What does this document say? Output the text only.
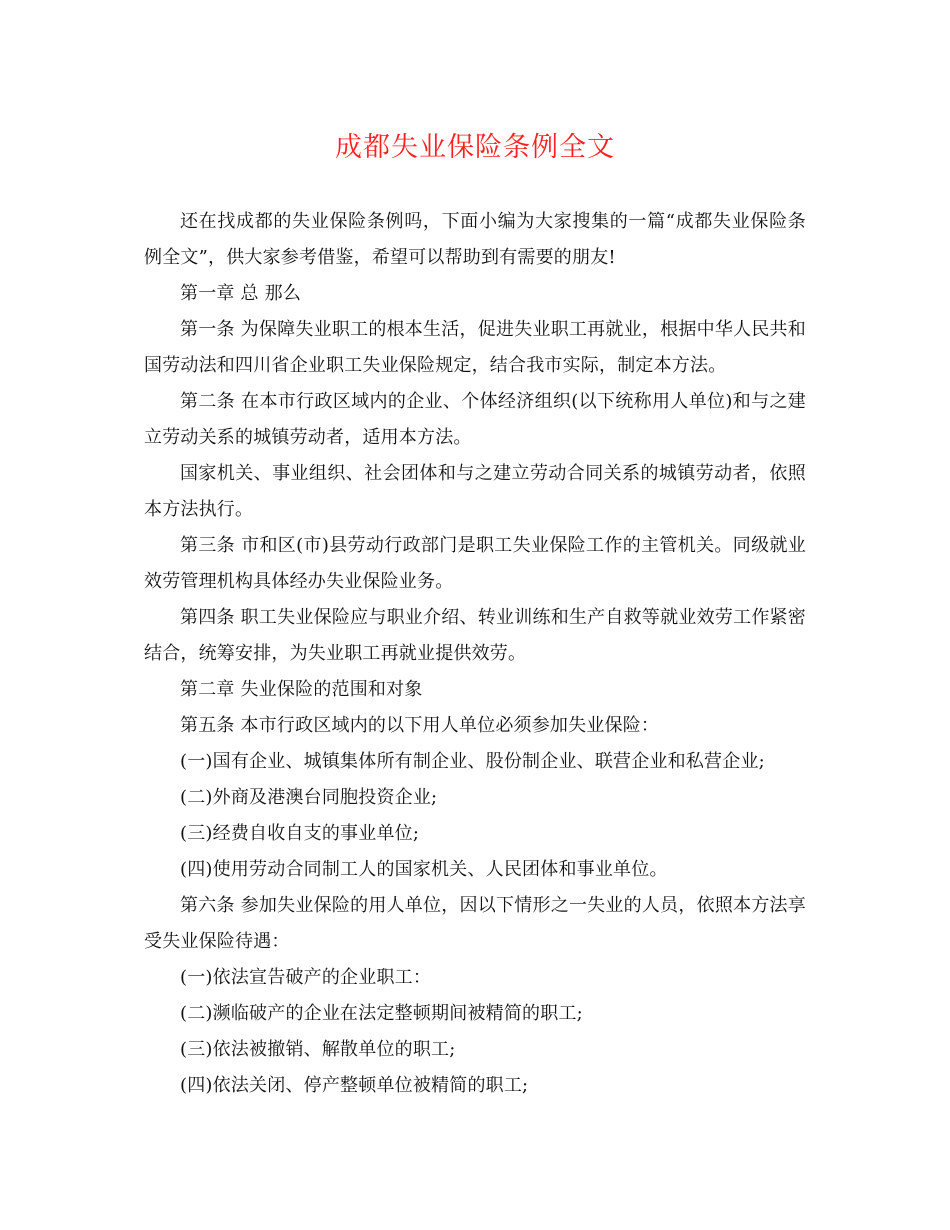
成都失业保险条例全文

还在找成都的失业保险条例吗，下面小编为大家搜集的一篇“成都失业保险条例全文”，供大家参考借鉴，希望可以帮助到有需要的朋友!

第一章 总 那么

第一条 为保障失业职工的根本生活，促进失业职工再就业，根据中华人民共和国劳动法和四川省企业职工失业保险规定，结合我市实际，制定本方法。

第二条 在本市行政区域内的企业、个体经济组织(以下统称用人单位)和与之建立劳动关系的城镇劳动者，适用本方法。

国家机关、事业组织、社会团体和与之建立劳动合同关系的城镇劳动者，依照本方法执行。

第三条 市和区(市)县劳动行政部门是职工失业保险工作的主管机关。同级就业效劳管理机构具体经办失业保险业务。

第四条 职工失业保险应与职业介绍、转业训练和生产自救等就业效劳工作紧密结合，统筹安排，为失业职工再就业提供效劳。

第二章 失业保险的范围和对象

第五条 本市行政区域内的以下用人单位必须参加失业保险：

(一)国有企业、城镇集体所有制企业、股份制企业、联营企业和私营企业;

(二)外商及港澳台同胞投资企业;

(三)经费自收自支的事业单位;

(四)使用劳动合同制工人的国家机关、人民团体和事业单位。

第六条 参加失业保险的用人单位，因以下情形之一失业的人员，依照本方法享受失业保险待遇：

(一)依法宣告破产的企业职工：

(二)濒临破产的企业在法定整顿期间被精简的职工;

(三)依法被撤销、解散单位的职工;

(四)依法关闭、停产整顿单位被精简的职工;
